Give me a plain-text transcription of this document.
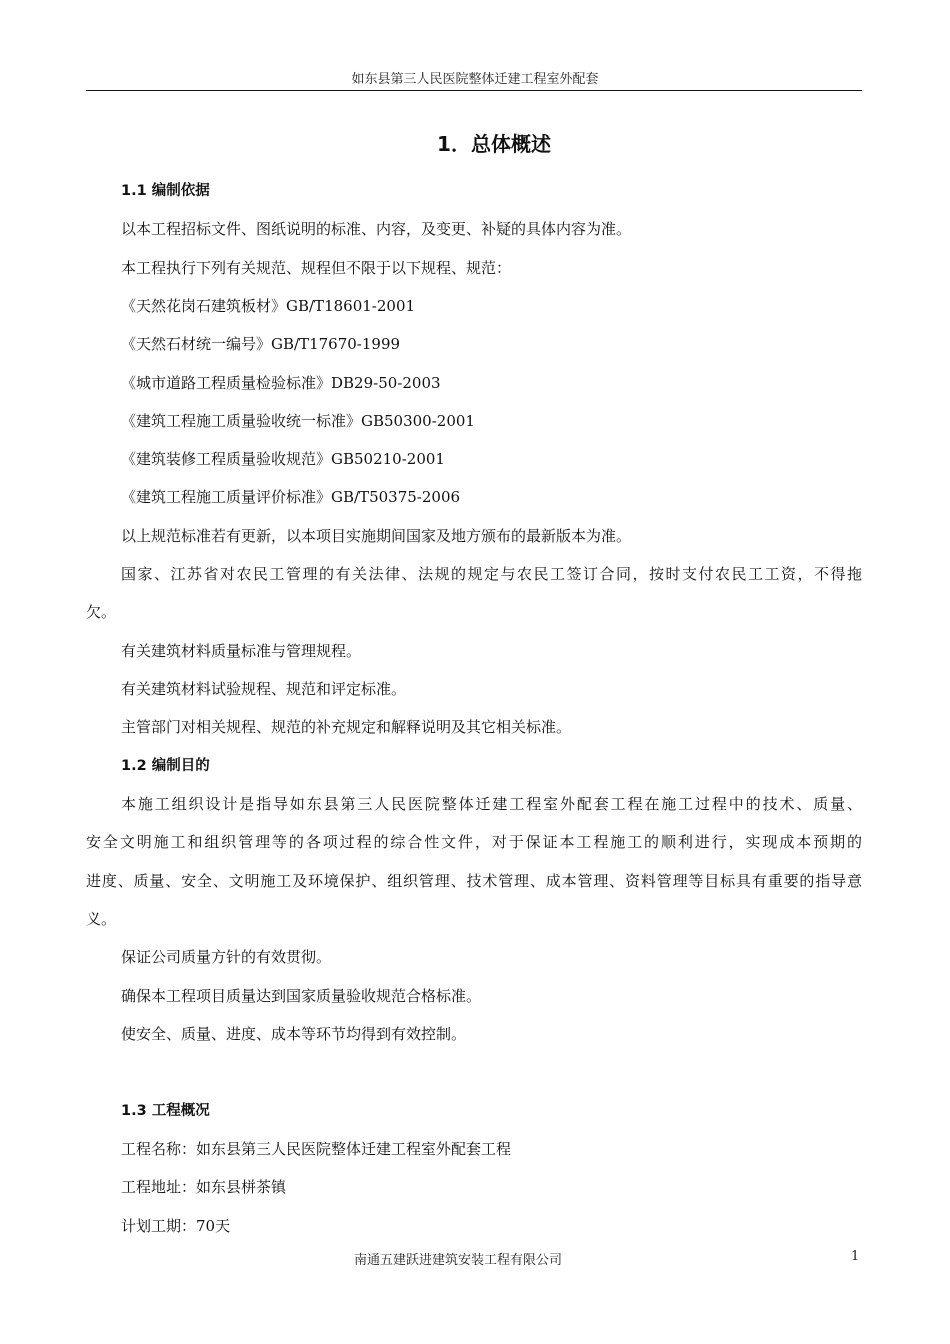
如东县第三人民医院整体迁建工程室外配套
1．总体概述
1.1 编制依据
以本工程招标文件、图纸说明的标准、内容，及变更、补疑的具体内容为准。
本工程执行下列有关规范、规程但不限于以下规程、规范：
《天然花岗石建筑板材》GB/T18601-2001
《天然石材统一编号》GB/T17670-1999
《城市道路工程质量检验标准》DB29-50-2003
《建筑工程施工质量验收统一标准》GB50300-2001
《建筑装修工程质量验收规范》GB50210-2001
《建筑工程施工质量评价标准》GB/T50375-2006
以上规范标准若有更新，以本项目实施期间国家及地方颁布的最新版本为准。
国家、江苏省对农民工管理的有关法律、法规的规定与农民工签订合同，按时支付农民工工资，不得拖
欠。
有关建筑材料质量标准与管理规程。
有关建筑材料试验规程、规范和评定标准。
主管部门对相关规程、规范的补充规定和解释说明及其它相关标准。
1.2 编制目的
本施工组织设计是指导如东县第三人民医院整体迁建工程室外配套工程在施工过程中的技术、质量、
安全文明施工和组织管理等的各项过程的综合性文件，对于保证本工程施工的顺利进行，实现成本预期的
进度、质量、安全、文明施工及环境保护、组织管理、技术管理、成本管理、资料管理等目标具有重要的指导意
义。
保证公司质量方针的有效贯彻。
确保本工程项目质量达到国家质量验收规范合格标准。
使安全、质量、进度、成本等环节均得到有效控制。
1.3 工程概况
工程名称：如东县第三人民医院整体迁建工程室外配套工程
工程地址：如东县栟茶镇
计划工期：70天
南通五建跃进建筑安装工程有限公司	1
